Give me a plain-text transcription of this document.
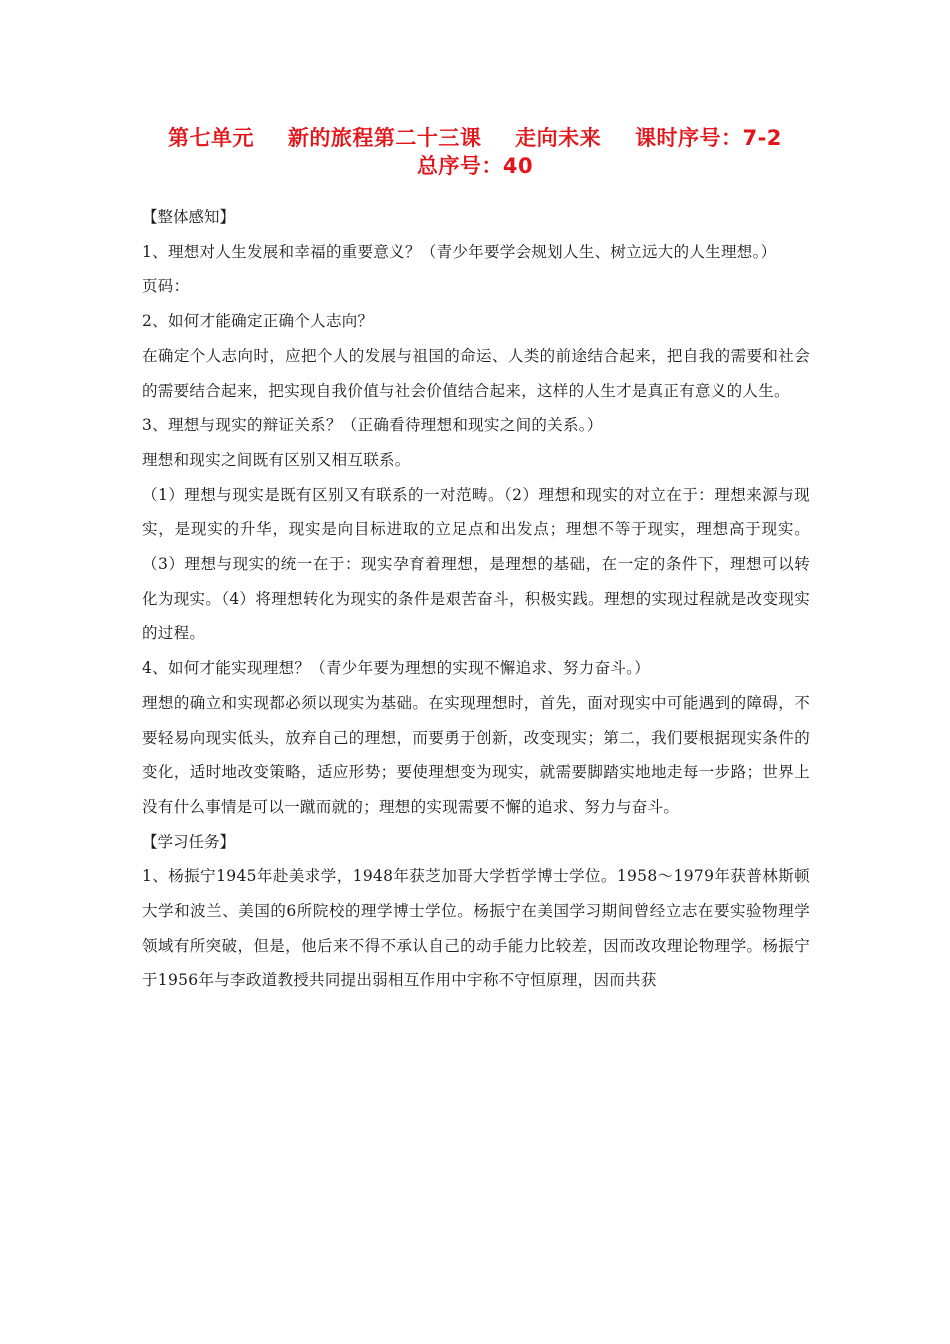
第七单元 新的旅程第二十三课 走向未来 课时序号：7-2
总序号：40

【整体感知】

1、理想对人生发展和幸福的重要意义？（青少年要学会规划人生、树立远大的人生理想。）

页码：

2、如何才能确定正确个人志向？

在确定个人志向时，应把个人的发展与祖国的命运、人类的前途结合起来，把自我的需要和社会的需要结合起来，把实现自我价值与社会价值结合起来，这样的人生才是真正有意义的人生。

3、理想与现实的辩证关系？（正确看待理想和现实之间的关系。）

理想和现实之间既有区别又相互联系。

（1）理想与现实是既有区别又有联系的一对范畴。（2）理想和现实的对立在于：理想来源与现实，是现实的升华，现实是向目标进取的立足点和出发点；理想不等于现实，理想高于现实。（3）理想与现实的统一在于：现实孕育着理想，是理想的基础，在一定的条件下，理想可以转化为现实。（4）将理想转化为现实的条件是艰苦奋斗，积极实践。理想的实现过程就是改变现实的过程。

4、如何才能实现理想？（青少年要为理想的实现不懈追求、努力奋斗。）

理想的确立和实现都必须以现实为基础。在实现理想时，首先，面对现实中可能遇到的障碍，不要轻易向现实低头，放弃自己的理想，而要勇于创新，改变现实；第二，我们要根据现实条件的变化，适时地改变策略，适应形势；要使理想变为现实，就需要脚踏实地地走每一步路；世界上没有什么事情是可以一蹴而就的；理想的实现需要不懈的追求、努力与奋斗。

【学习任务】

1、杨振宁1945年赴美求学，1948年获芝加哥大学哲学博士学位。1958～1979年获普林斯顿大学和波兰、美国的6所院校的理学博士学位。杨振宁在美国学习期间曾经立志在要实验物理学领域有所突破，但是，他后来不得不承认自己的动手能力比较差，因而改攻理论物理学。杨振宁于1956年与李政道教授共同提出弱相互作用中宇称不守恒原理，因而共获
